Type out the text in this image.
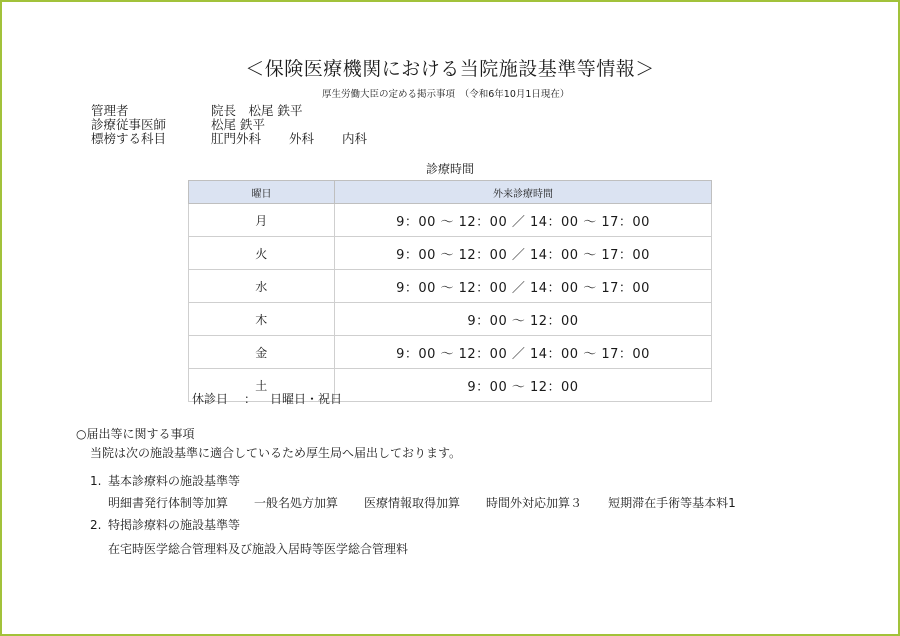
＜保険医療機関における当院施設基準等情報＞
厚生労働大臣の定める掲示事項　（令和6年10月1日現在）
管理者	院長　松尾 鉄平
診療従事医師	松尾 鉄平
標榜する科目	肛門外科 外科 内科
診療時間
曜日	外来診療時間
月	9：00 〜 12：00 ／ 14：00 〜 17：00
火	9：00 〜 12：00 ／ 14：00 〜 17：00
水	9：00 〜 12：00 ／ 14：00 〜 17：00
木	9：00 〜 12：00
金	9：00 〜 12：00 ／ 14：00 〜 17：00
土	9：00 〜 12：00
休診日 ： 日曜日・祝日
○届出等に関する事項
当院は次の施設基準に適合しているため厚生局へ届出しております。
1. 基本診療料の施設基準等
明細書発行体制等加算 一般名処方加算 医療情報取得加算 時間外対応加算３ 短期滞在手術等基本料1
2. 特掲診療料の施設基準等
在宅時医学総合管理料及び施設入居時等医学総合管理料
